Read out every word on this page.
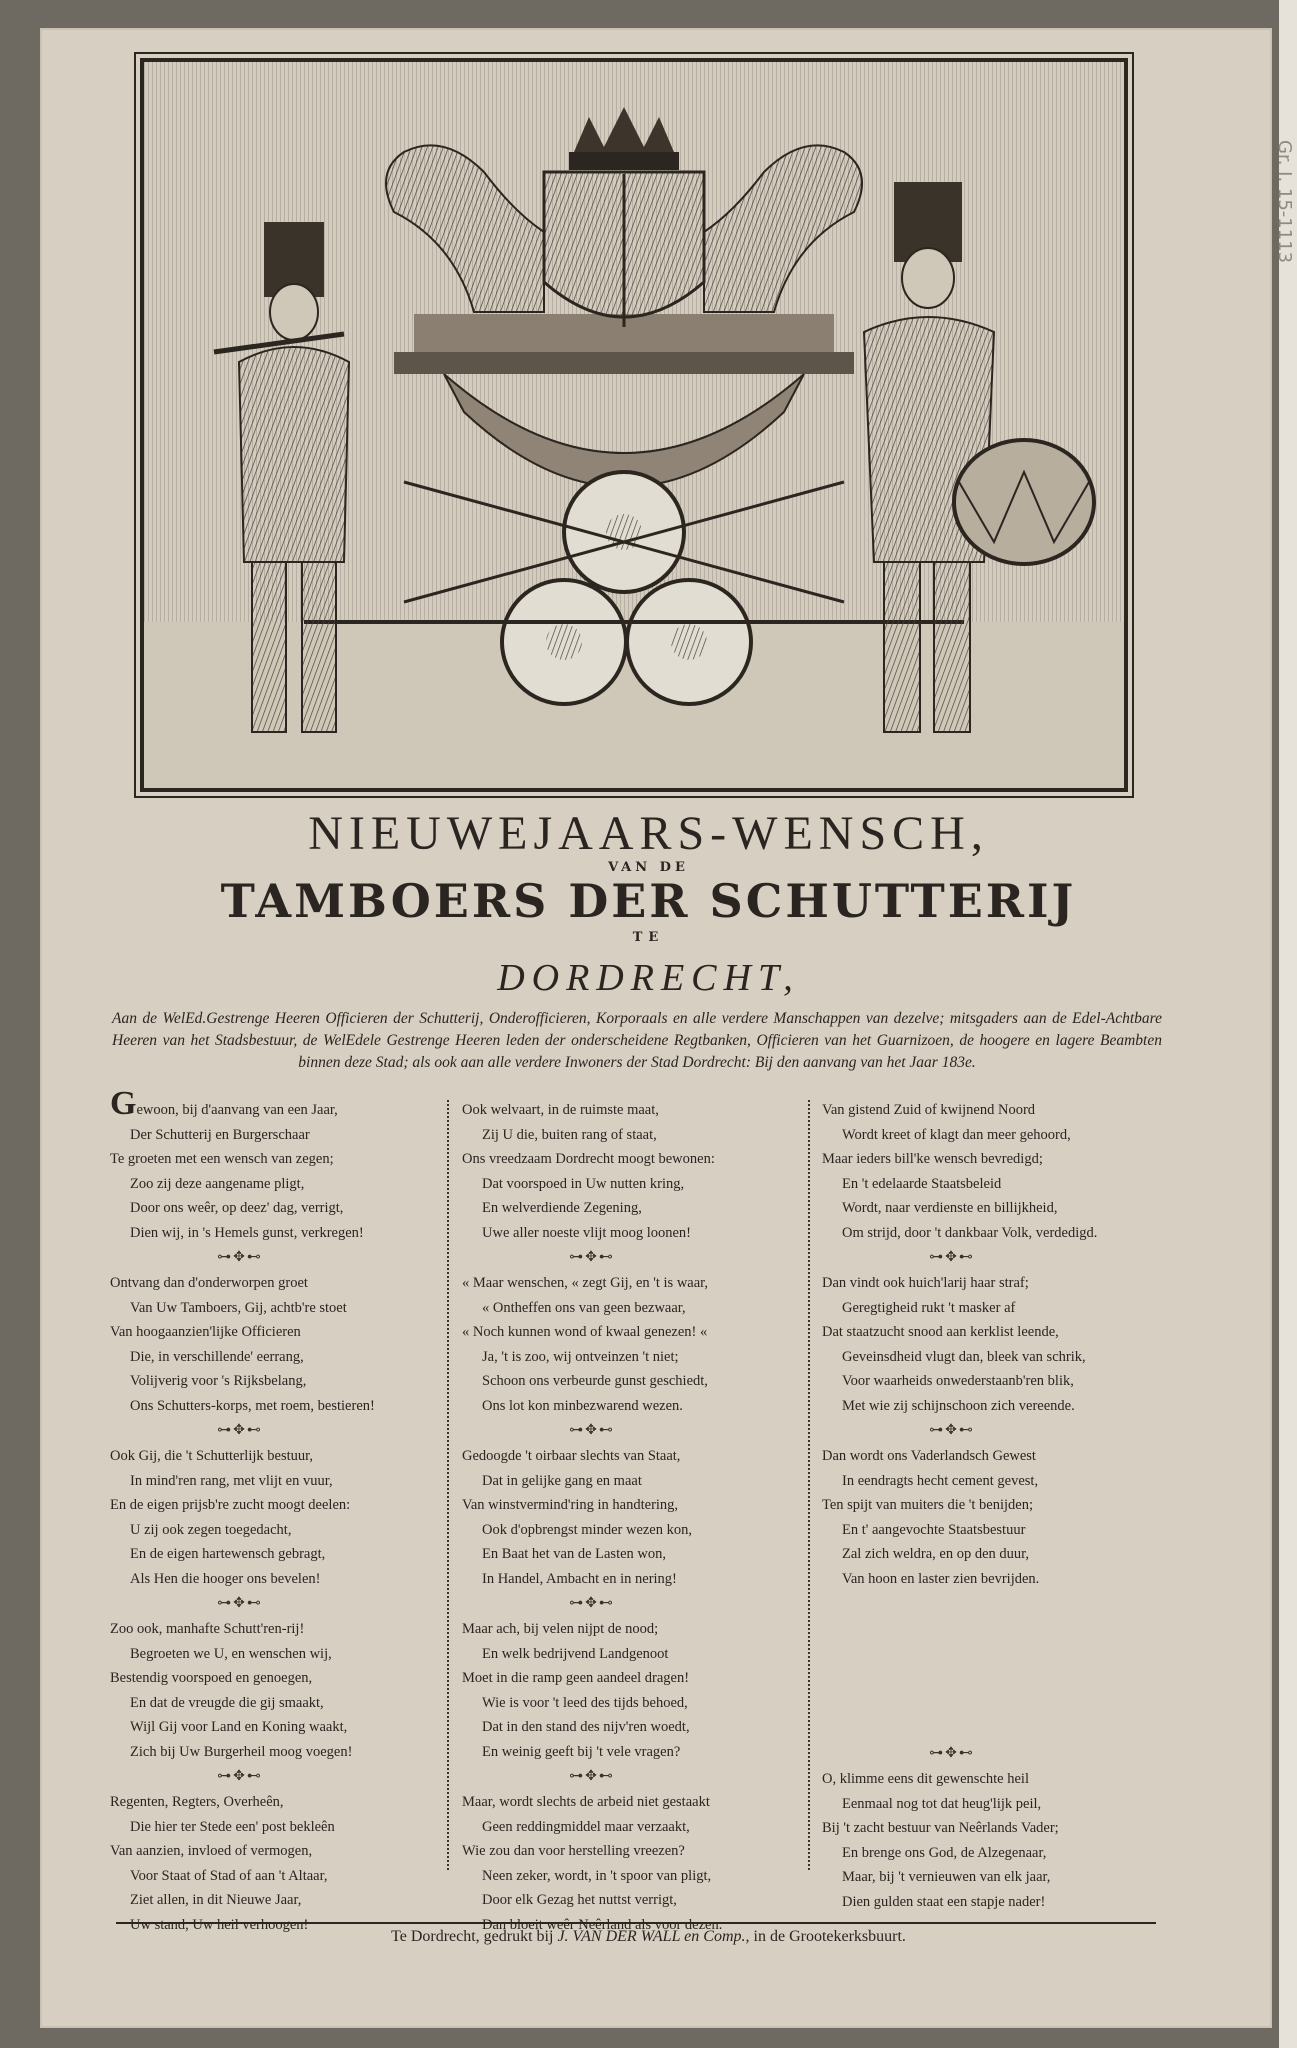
Gr. I. 15-1113
NIEUWEJAARS-WENSCH,
VAN DE
TAMBOERS DER SCHUTTERIJ
TE
DORDRECHT,
Aan de WelEd.Gestrenge Heeren Officieren der Schutterij, Onderofficieren, Korporaals en alle verdere Manschappen van dezelve; mitsgaders aan de Edel-Achtbare Heeren van het Stadsbestuur, de WelEdele Gestrenge Heeren leden der onderscheidene Regtbanken, Officieren van het Guarnizoen, de hoogere en lagere Beambten binnen deze Stad; als ook aan alle verdere Inwoners der Stad Dordrecht: Bij den aanvang van het Jaar 183e.
Gewoon, bij d'aanvang van een Jaar,
Der Schutterij en Burgerschaar
Te groeten met een wensch van zegen;
Zoo zij deze aangename pligt,
Door ons weêr, op deez' dag, verrigt,
Dien wij, in 's Hemels gunst, verkregen!
⊶✥⊷
Ontvang dan d'onderworpen groet
Van Uw Tamboers, Gij, achtb're stoet
Van hoogaanzien'lijke Officieren
Die, in verschillende' eerrang,
Volijverig voor 's Rijksbelang,
Ons Schutters-korps, met roem, bestieren!
⊶✥⊷
Ook Gij, die 't Schutterlijk bestuur,
In mind'ren rang, met vlijt en vuur,
En de eigen prijsb're zucht moogt deelen:
U zij ook zegen toegedacht,
En de eigen hartewensch gebragt,
Als Hen die hooger ons bevelen!
⊶✥⊷
Zoo ook, manhafte Schutt'ren-rij!
Begroeten we U, en wenschen wij,
Bestendig voorspoed en genoegen,
En dat de vreugde die gij smaakt,
Wijl Gij voor Land en Koning waakt,
Zich bij Uw Burgerheil moog voegen!
⊶✥⊷
Regenten, Regters, Overheên,
Die hier ter Stede een' post bekleên
Van aanzien, invloed of vermogen,
Voor Staat of Stad of aan 't Altaar,
Ziet allen, in dit Nieuwe Jaar,
Uw stand, Uw heil verhoogen!
Ook welvaart, in de ruimste maat,
Zij U die, buiten rang of staat,
Ons vreedzaam Dordrecht moogt bewonen:
Dat voorspoed in Uw nutten kring,
En welverdiende Zegening,
Uwe aller noeste vlijt moog loonen!
⊶✥⊷
« Maar wenschen, « zegt Gij, en 't is waar,
« Ontheffen ons van geen bezwaar,
« Noch kunnen wond of kwaal genezen! «
Ja, 't is zoo, wij ontveinzen 't niet;
Schoon ons verbeurde gunst geschiedt,
Ons lot kon minbezwarend wezen.
⊶✥⊷
Gedoogde 't oirbaar slechts van Staat,
Dat in gelijke gang en maat
Van winstvermind'ring in handtering,
Ook d'opbrengst minder wezen kon,
En Baat het van de Lasten won,
In Handel, Ambacht en in nering!
⊶✥⊷
Maar ach, bij velen nijpt de nood;
En welk bedrijvend Landgenoot
Moet in die ramp geen aandeel dragen!
Wie is voor 't leed des tijds behoed,
Dat in den stand des nijv'ren woedt,
En weinig geeft bij 't vele vragen?
⊶✥⊷
Maar, wordt slechts de arbeid niet gestaakt
Geen reddingmiddel maar verzaakt,
Wie zou dan voor herstelling vreezen?
Neen zeker, wordt, in 't spoor van pligt,
Door elk Gezag het nuttst verrigt,
Dan bloeit weêr Neêrland als voor dezen.
Van gistend Zuid of kwijnend Noord
Wordt kreet of klagt dan meer gehoord,
Maar ieders bill'ke wensch bevredigd;
En 't edelaarde Staatsbeleid
Wordt, naar verdienste en billijkheid,
Om strijd, door 't dankbaar Volk, verdedigd.
⊶✥⊷
Dan vindt ook huich'larij haar straf;
Geregtigheid rukt 't masker af
Dat staatzucht snood aan kerklist leende,
Geveinsdheid vlugt dan, bleek van schrik,
Voor waarheids onwederstaanb'ren blik,
Met wie zij schijnschoon zich vereende.
⊶✥⊷
Dan wordt ons Vaderlandsch Gewest
In eendragts hecht cement gevest,
Ten spijt van muiters die 't benijden;
En t' aangevochte Staatsbestuur
Zal zich weldra, en op den duur,
Van hoon en laster zien bevrijden.
⊶✥⊷
O, klimme eens dit gewenschte heil
Eenmaal nog tot dat heug'lijk peil,
Bij 't zacht bestuur van Neêrlands Vader;
En brenge ons God, de Alzegenaar,
Maar, bij 't vernieuwen van elk jaar,
Dien gulden staat een stapje nader!
Te Dordrecht, gedrukt bij J. VAN DER WALL en Comp., in de Grootekerksbuurt.
